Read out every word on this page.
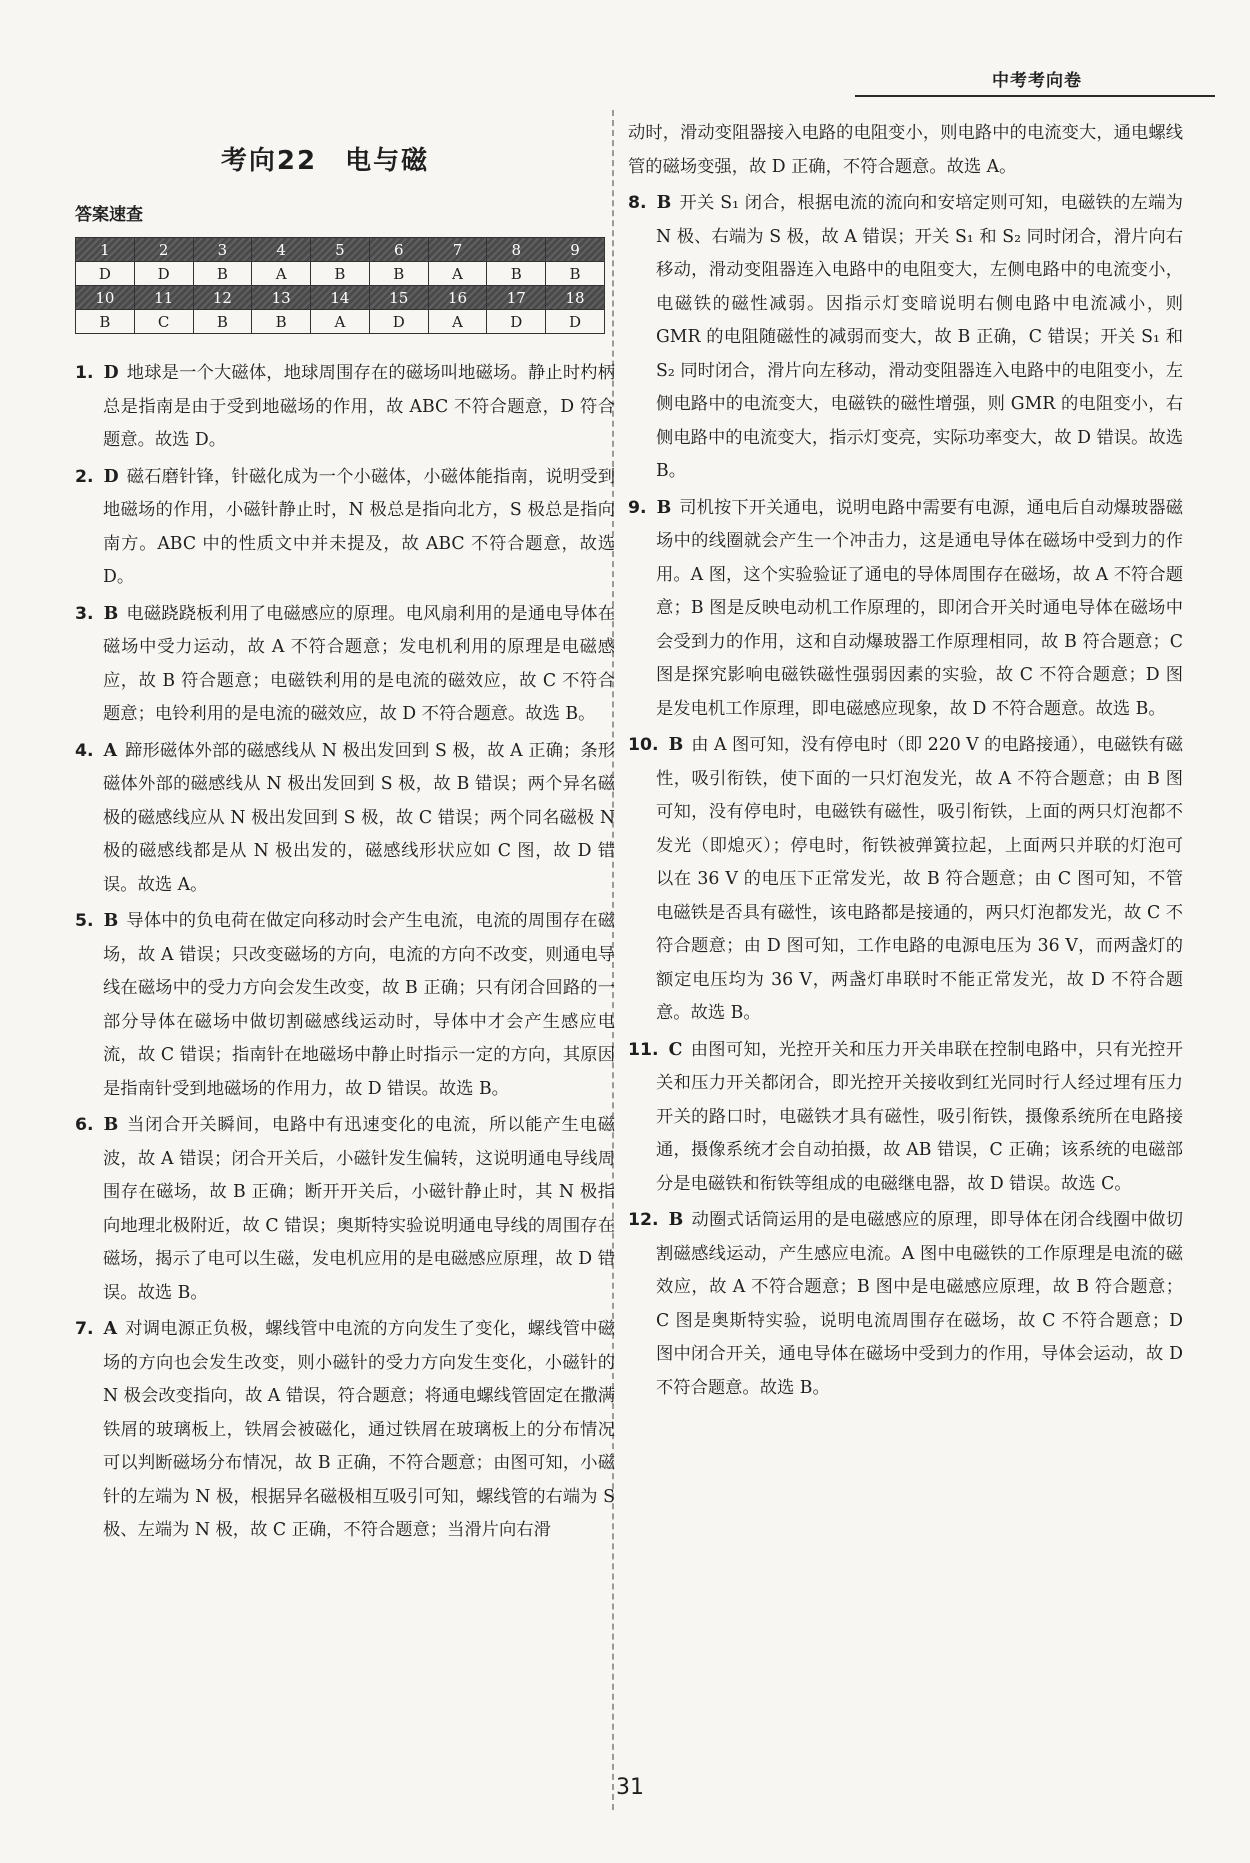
中考考向卷
考向22　电与磁
答案速查
1	2	3	4	5	6	7	8	9
D	D	B	A	B	B	A	B	B
10	11	12	13	14	15	16	17	18
B	C	B	B	A	D	A	D	D

1. D 地球是一个大磁体，地球周围存在的磁场叫地磁场。静止时杓柄总是指南是由于受到地磁场的作用，故 ABC 不符合题意，D 符合题意。故选 D。

2. D 磁石磨针锋，针磁化成为一个小磁体，小磁体能指南，说明受到地磁场的作用，小磁针静止时，N 极总是指向北方，S 极总是指向南方。ABC 中的性质文中并未提及，故 ABC 不符合题意，故选 D。

3. B 电磁跷跷板利用了电磁感应的原理。电风扇利用的是通电导体在磁场中受力运动，故 A 不符合题意；发电机利用的原理是电磁感应，故 B 符合题意；电磁铁利用的是电流的磁效应，故 C 不符合题意；电铃利用的是电流的磁效应，故 D 不符合题意。故选 B。

4. A 蹄形磁体外部的磁感线从 N 极出发回到 S 极，故 A 正确；条形磁体外部的磁感线从 N 极出发回到 S 极，故 B 错误；两个异名磁极的磁感线应从 N 极出发回到 S 极，故 C 错误；两个同名磁极 N 极的磁感线都是从 N 极出发的，磁感线形状应如 C 图，故 D 错误。故选 A。

5. B 导体中的负电荷在做定向移动时会产生电流，电流的周围存在磁场，故 A 错误；只改变磁场的方向，电流的方向不改变，则通电导线在磁场中的受力方向会发生改变，故 B 正确；只有闭合回路的一部分导体在磁场中做切割磁感线运动时，导体中才会产生感应电流，故 C 错误；指南针在地磁场中静止时指示一定的方向，其原因是指南针受到地磁场的作用力，故 D 错误。故选 B。

6. B 当闭合开关瞬间，电路中有迅速变化的电流，所以能产生电磁波，故 A 错误；闭合开关后，小磁针发生偏转，这说明通电导线周围存在磁场，故 B 正确；断开开关后，小磁针静止时，其 N 极指向地理北极附近，故 C 错误；奥斯特实验说明通电导线的周围存在磁场，揭示了电可以生磁，发电机应用的是电磁感应原理，故 D 错误。故选 B。

7. A 对调电源正负极，螺线管中电流的方向发生了变化，螺线管中磁场的方向也会发生改变，则小磁针的受力方向发生变化，小磁针的 N 极会改变指向，故 A 错误，符合题意；将通电螺线管固定在撒满铁屑的玻璃板上，铁屑会被磁化，通过铁屑在玻璃板上的分布情况可以判断磁场分布情况，故 B 正确，不符合题意；由图可知，小磁针的左端为 N 极，根据异名磁极相互吸引可知，螺线管的右端为 S 极、左端为 N 极，故 C 正确，不符合题意；当滑片向右滑

动时，滑动变阻器接入电路的电阻变小，则电路中的电流变大，通电螺线管的磁场变强，故 D 正确，不符合题意。故选 A。

8. B 开关 S₁ 闭合，根据电流的流向和安培定则可知，电磁铁的左端为 N 极、右端为 S 极，故 A 错误；开关 S₁ 和 S₂ 同时闭合，滑片向右移动，滑动变阻器连入电路中的电阻变大，左侧电路中的电流变小，电磁铁的磁性减弱。因指示灯变暗说明右侧电路中电流减小，则 GMR 的电阻随磁性的减弱而变大，故 B 正确，C 错误；开关 S₁ 和 S₂ 同时闭合，滑片向左移动，滑动变阻器连入电路中的电阻变小，左侧电路中的电流变大，电磁铁的磁性增强，则 GMR 的电阻变小，右侧电路中的电流变大，指示灯变亮，实际功率变大，故 D 错误。故选 B。

9. B 司机按下开关通电，说明电路中需要有电源，通电后自动爆玻器磁场中的线圈就会产生一个冲击力，这是通电导体在磁场中受到力的作用。A 图，这个实验验证了通电的导体周围存在磁场，故 A 不符合题意；B 图是反映电动机工作原理的，即闭合开关时通电导体在磁场中会受到力的作用，这和自动爆玻器工作原理相同，故 B 符合题意；C 图是探究影响电磁铁磁性强弱因素的实验，故 C 不符合题意；D 图是发电机工作原理，即电磁感应现象，故 D 不符合题意。故选 B。

10. B 由 A 图可知，没有停电时（即 220 V 的电路接通），电磁铁有磁性，吸引衔铁，使下面的一只灯泡发光，故 A 不符合题意；由 B 图可知，没有停电时，电磁铁有磁性，吸引衔铁，上面的两只灯泡都不发光（即熄灭）；停电时，衔铁被弹簧拉起，上面两只并联的灯泡可以在 36 V 的电压下正常发光，故 B 符合题意；由 C 图可知，不管电磁铁是否具有磁性，该电路都是接通的，两只灯泡都发光，故 C 不符合题意；由 D 图可知，工作电路的电源电压为 36 V，而两盏灯的额定电压均为 36 V，两盏灯串联时不能正常发光，故 D 不符合题意。故选 B。

11. C 由图可知，光控开关和压力开关串联在控制电路中，只有光控开关和压力开关都闭合，即光控开关接收到红光同时行人经过埋有压力开关的路口时，电磁铁才具有磁性，吸引衔铁，摄像系统所在电路接通，摄像系统才会自动拍摄，故 AB 错误，C 正确；该系统的电磁部分是电磁铁和衔铁等组成的电磁继电器，故 D 错误。故选 C。

12. B 动圈式话筒运用的是电磁感应的原理，即导体在闭合线圈中做切割磁感线运动，产生感应电流。A 图中电磁铁的工作原理是电流的磁效应，故 A 不符合题意；B 图中是电磁感应原理，故 B 符合题意；C 图是奥斯特实验，说明电流周围存在磁场，故 C 不符合题意；D 图中闭合开关，通电导体在磁场中受到力的作用，导体会运动，故 D 不符合题意。故选 B。

31
